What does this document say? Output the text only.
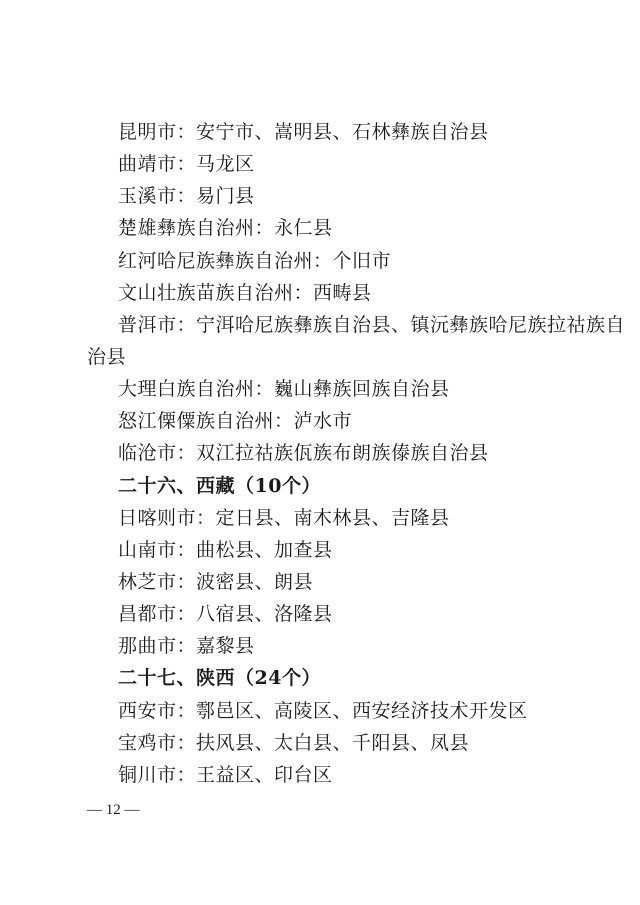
昆明市：安宁市、嵩明县、石林彝族自治县
曲靖市：马龙区
玉溪市：易门县
楚雄彝族自治州：永仁县
红河哈尼族彝族自治州：个旧市
文山壮族苗族自治州：西畴县
普洱市：宁洱哈尼族彝族自治县、镇沅彝族哈尼族拉祜族自
治县
大理白族自治州：巍山彝族回族自治县
怒江傈僳族自治州：泸水市
临沧市：双江拉祜族佤族布朗族傣族自治县
二十六、西藏（10个）
日喀则市：定日县、南木林县、吉隆县
山南市：曲松县、加查县
林芝市：波密县、朗县
昌都市：八宿县、洛隆县
那曲市：嘉黎县
二十七、陕西（24个）
西安市：鄠邑区、高陵区、西安经济技术开发区
宝鸡市：扶风县、太白县、千阳县、凤县
铜川市：王益区、印台区
— 12 —
